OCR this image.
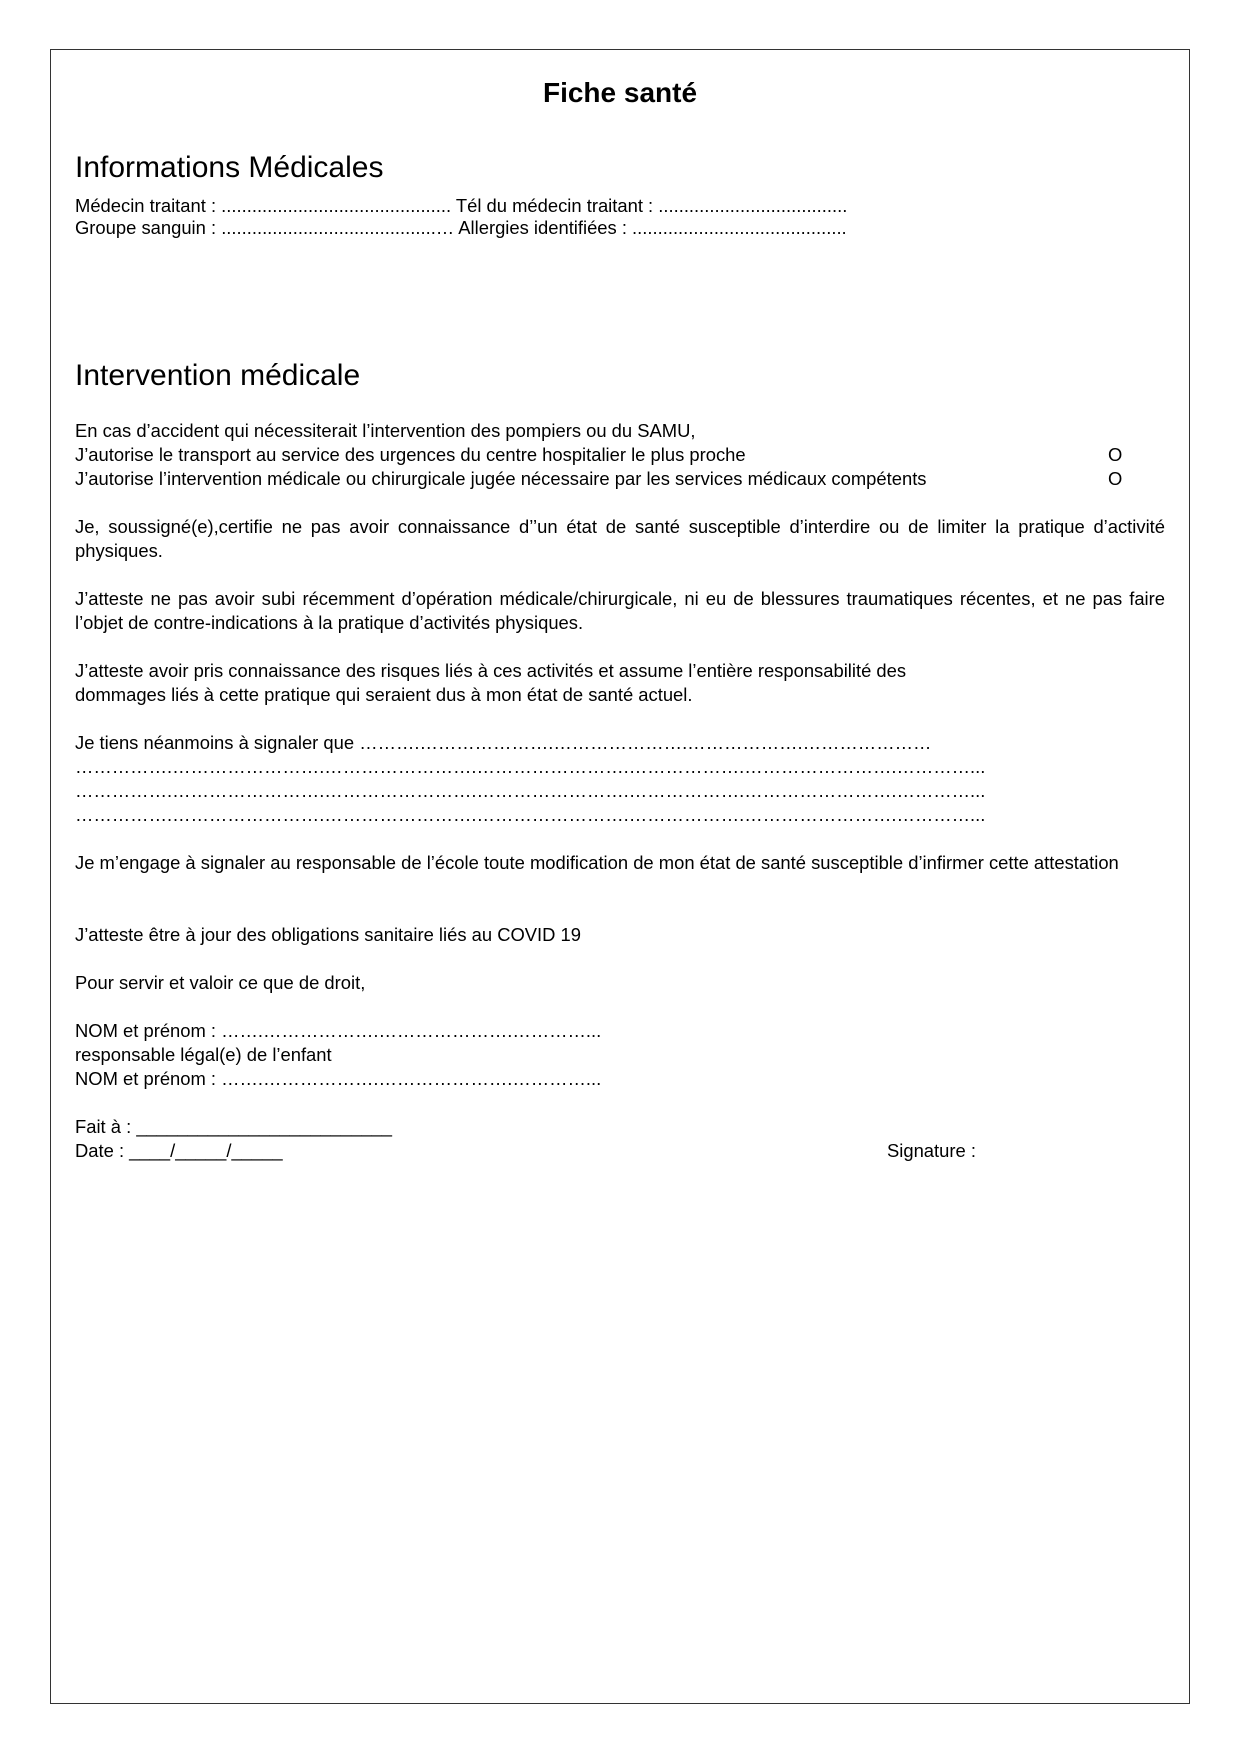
Fiche santé
Informations Médicales
Médecin traitant : ............................................. Tél du médecin traitant : .....................................
Groupe sanguin : ..........................................… Allergies identifiées : ..........................................
Intervention médicale
En cas d’accident qui nécessiterait l’intervention des pompiers ou du SAMU,
J’autorise le transport au service des urgences du centre hospitalier le plus proche	O
J’autorise l’intervention médicale ou chirurgicale jugée nécessaire par les services médicaux compétents	O
Je, soussigné(e),certifie ne pas avoir connaissance d’’un état de santé susceptible d’interdire ou de limiter la pratique d’activité physiques.
J’atteste ne pas avoir subi récemment d’opération médicale/chirurgicale, ni eu de blessures traumatiques récentes, et ne pas faire l’objet de contre-indications à la pratique d’activités physiques.
J’atteste avoir pris connaissance des risques liés à ces activités et assume l’entière responsabilité des
dommages liés à cette pratique qui seraient dus à mon état de santé actuel.
Je tiens néanmoins à signaler que ……….………………….………………….……………….…………………
…………….…………………….…………………….…………………….……………….…………………….…………...
…………….…………………….…………………….…………………….……………….…………………….…………...
…………….…………………….…………………….…………………….……………….…………………….…………...
Je m’engage à signaler au responsable de l’école toute modification de mon état de santé susceptible d’infirmer cette attestation
J’atteste être à jour des obligations sanitaire liés au COVID 19
Pour servir et valoir ce que de droit,
NOM et prénom : …….……………….………………….…………...
responsable légal(e) de l’enfant
NOM et prénom : …….……………….………………….…………...
Fait à : _________________________
Date : ____/_____/_____	Signature :
